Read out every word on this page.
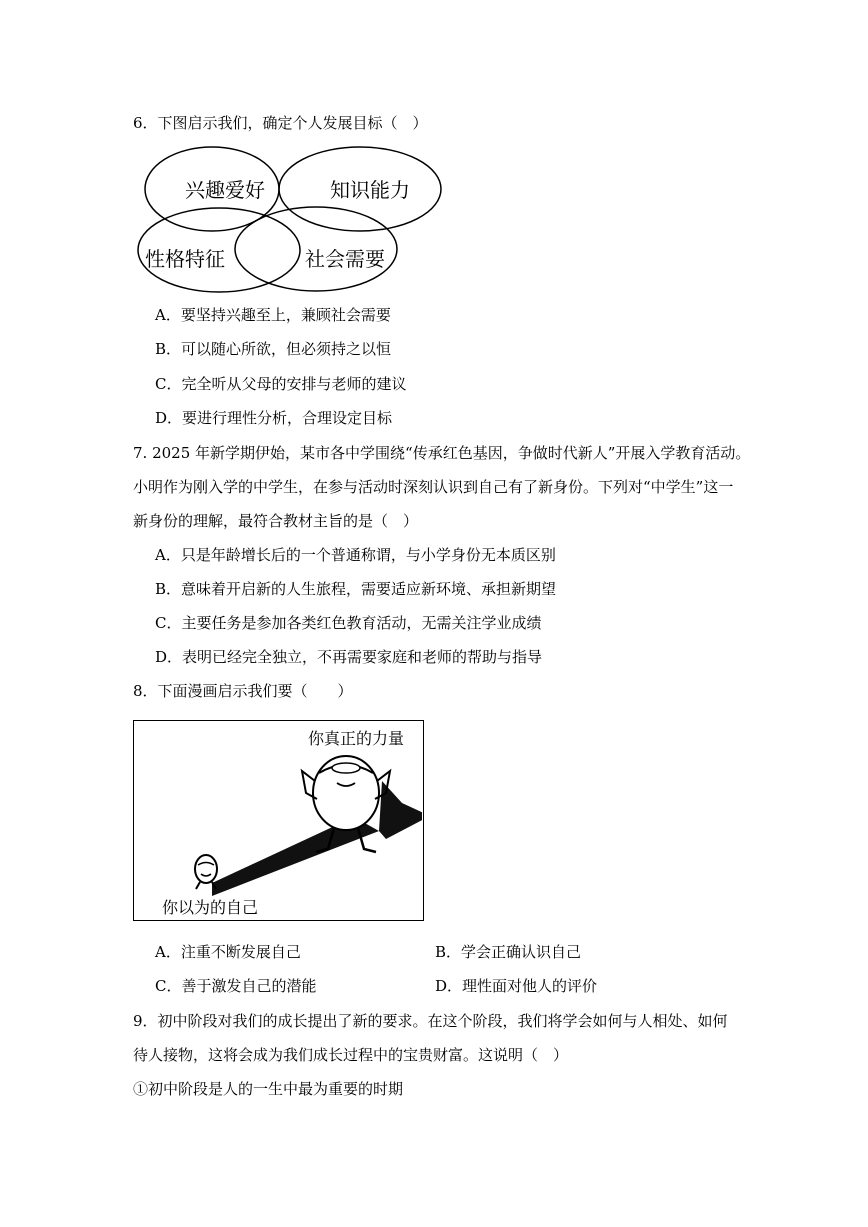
6．下图启示我们，确定个人发展目标（　）
兴趣爱好	知识能力
性格特征	社会需要
A．要坚持兴趣至上，兼顾社会需要
B．可以随心所欲，但必须持之以恒
C．完全听从父母的安排与老师的建议
D．要进行理性分析，合理设定目标
7. 2025 年新学期伊始，某市各中学围绕“传承红色基因，争做时代新人”开展入学教育活动。
小明作为刚入学的中学生，在参与活动时深刻认识到自己有了新身份。下列对“中学生”这一
新身份的理解，最符合教材主旨的是（　）
A．只是年龄增长后的一个普通称谓，与小学身份无本质区别
B．意味着开启新的人生旅程，需要适应新环境、承担新期望
C．主要任务是参加各类红色教育活动，无需关注学业成绩
D．表明已经完全独立，不再需要家庭和老师的帮助与指导
8．下面漫画启示我们要（　　）
你真正的力量
你以为的自己
A．注重不断发展自己	B．学会正确认识自己
C．善于激发自己的潜能	D．理性面对他人的评价
9．初中阶段对我们的成长提出了新的要求。在这个阶段，我们将学会如何与人相处、如何
待人接物，这将会成为我们成长过程中的宝贵财富。这说明（　）
①初中阶段是人的一生中最为重要的时期
